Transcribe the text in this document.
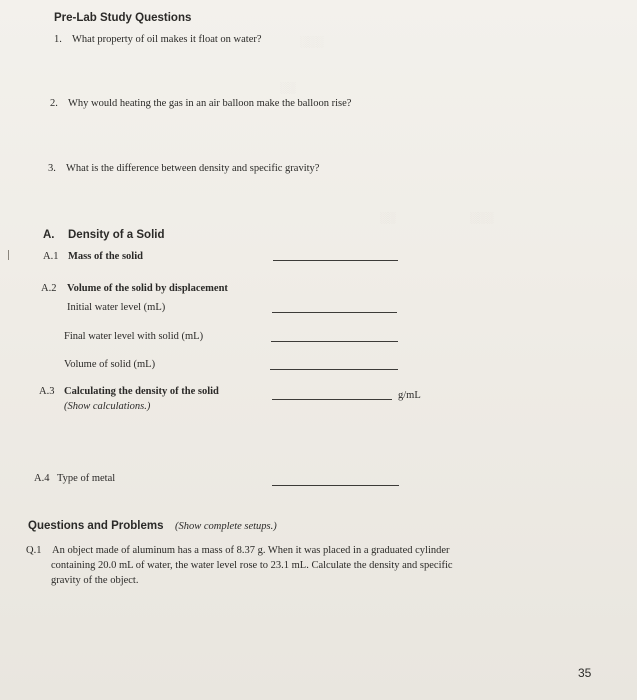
░░░
░░
░░	░░░
Pre-Lab Study Questions
1. What property of oil makes it float on water?
2. Why would heating the gas in an air balloon make the balloon rise?
3. What is the difference between density and specific gravity?
A. Density of a Solid
A.1 Mass of the solid
A.2 Volume of the solid by displacement
Initial water level (mL)
Final water level with solid (mL)
Volume of solid (mL)
A.3 Calculating the density of the solid
(Show calculations.)
g/mL
A.4 Type of metal
Questions and Problems (Show complete setups.)
Q.1 An object made of aluminum has a mass of 8.37 g. When it was placed in a graduated cylinder
containing 20.0 mL of water, the water level rose to 23.1 mL. Calculate the density and specific
gravity of the object.
35
